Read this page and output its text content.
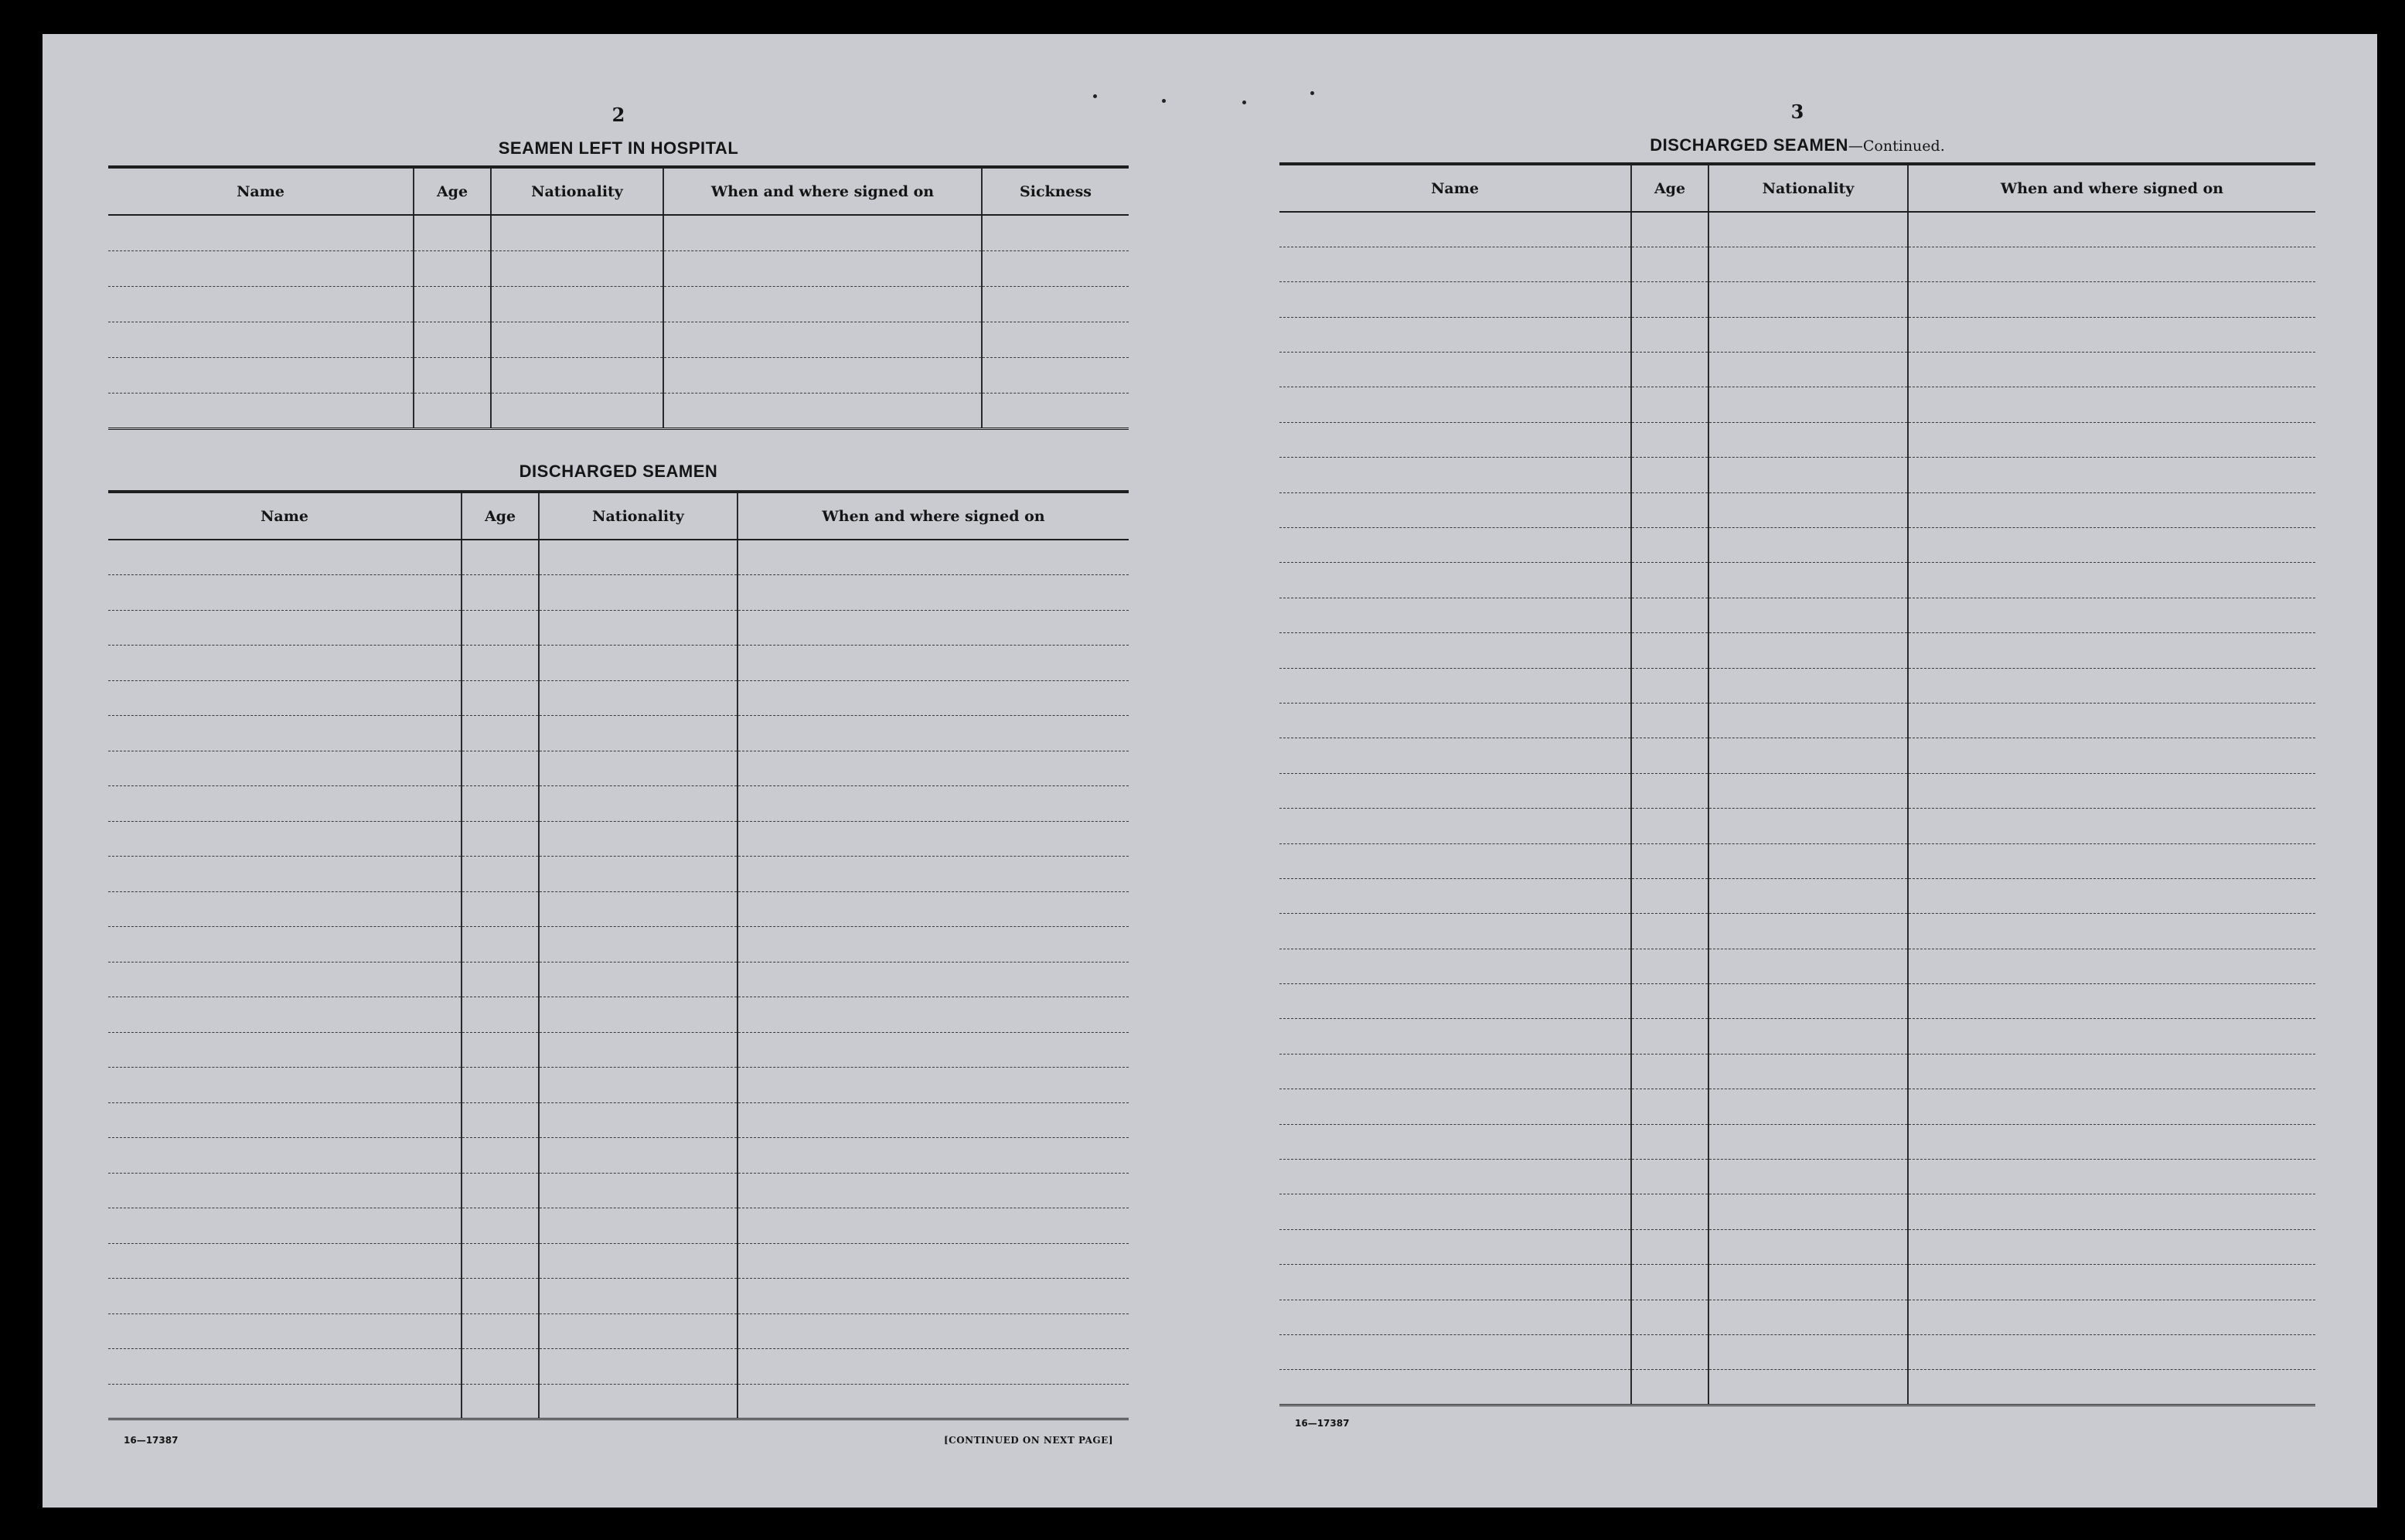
2
SEAMEN LEFT IN HOSPITAL
Name	Age	Nationality	When and where signed on	Sickness

DISCHARGED SEAMEN
Name	Age	Nationality	When and where signed on

16—17387	[CONTINUED ON NEXT PAGE]
3
DISCHARGED SEAMEN—Continued.
Name	Age	Nationality	When and where signed on

16—17387
